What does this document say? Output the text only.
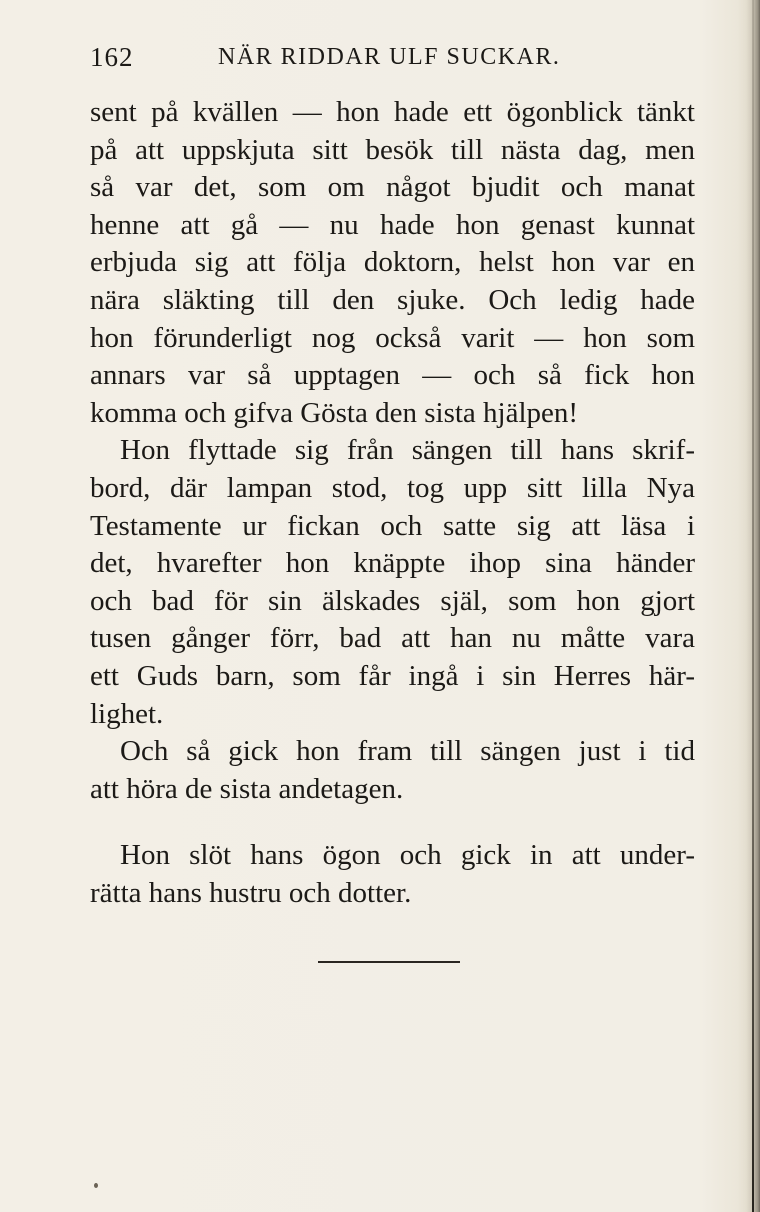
162	NÄR RIDDAR ULF SUCKAR.
sent på kvällen — hon hade ett ögonblick tänkt
på att uppskjuta sitt besök till nästa dag, men
så var det, som om något bjudit och manat
henne att gå — nu hade hon genast kunnat
erbjuda sig att följa doktorn, helst hon var en
nära släkting till den sjuke. Och ledig hade
hon förunderligt nog också varit — hon som
annars var så upptagen — och så fick hon
komma och gifva Gösta den sista hjälpen!
Hon flyttade sig från sängen till hans skrif-
bord, där lampan stod, tog upp sitt lilla Nya
Testamente ur fickan och satte sig att läsa i
det, hvarefter hon knäppte ihop sina händer
och bad för sin älskades själ, som hon gjort
tusen gånger förr, bad att han nu måtte vara
ett Guds barn, som får ingå i sin Herres här-
lighet.
Och så gick hon fram till sängen just i tid
att höra de sista andetagen.
Hon slöt hans ögon och gick in att under-
rätta hans hustru och dotter.
